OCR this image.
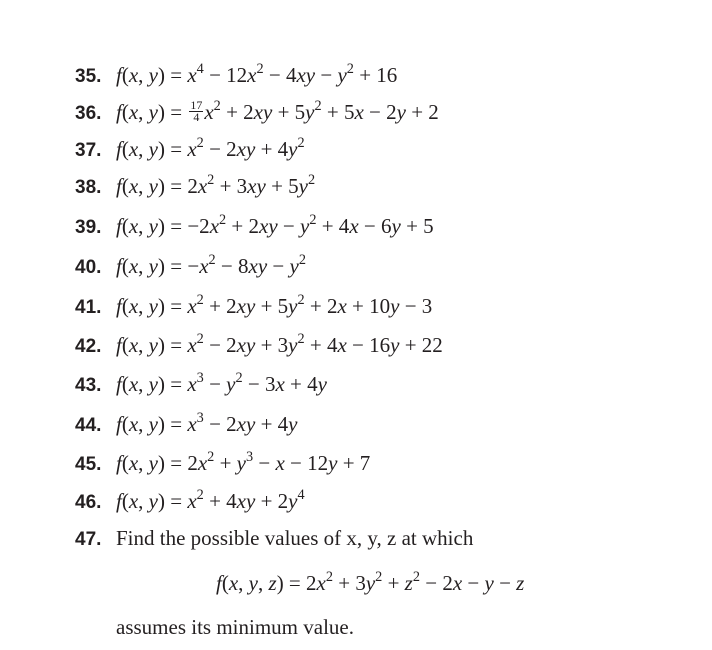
35. f(x, $y) = x^4 - 12x^2 - 4xy - y^2 + 16$
36. f(x, $y) = \frac{17}{4} x^2 + 2xy + 5y^2 + 5x - 2y + 2$
37. f(x, $y) = x^2 - 2xy + 4y^2$
38. f(x, $y) = 2x^2 + 3xy + 5y^2$
39. f(x, $y) = -2x^2 + 2xy - y^2 + 4x - 6y + 5$
40. f(x, $y) = -x^2 - 8xy - y^2$
41. f(x, $y) = x^2 + 2xy + 5y^2 + 2x + 10y - 3$
42. f(x, $y) = x^2 - 2xy + 3y^2 + 4x - 16y + 22$
43. f(x, $y) = x^3 - y^2 - 3x + 4y$
44. f(x, $y) = x^3 - 2xy + 4y$
45. f(x, $y) = 2x^2 + y^3 - x - 12y + 7$
46. f(x, $y) = x^2 + 4xy + 2y^4$
47. Find the possible values of x, y, z at which
f(x, y, $z) = 2x^2 + 3y^2 + z^2 - 2x - y - z$
assumes its minimum value.
